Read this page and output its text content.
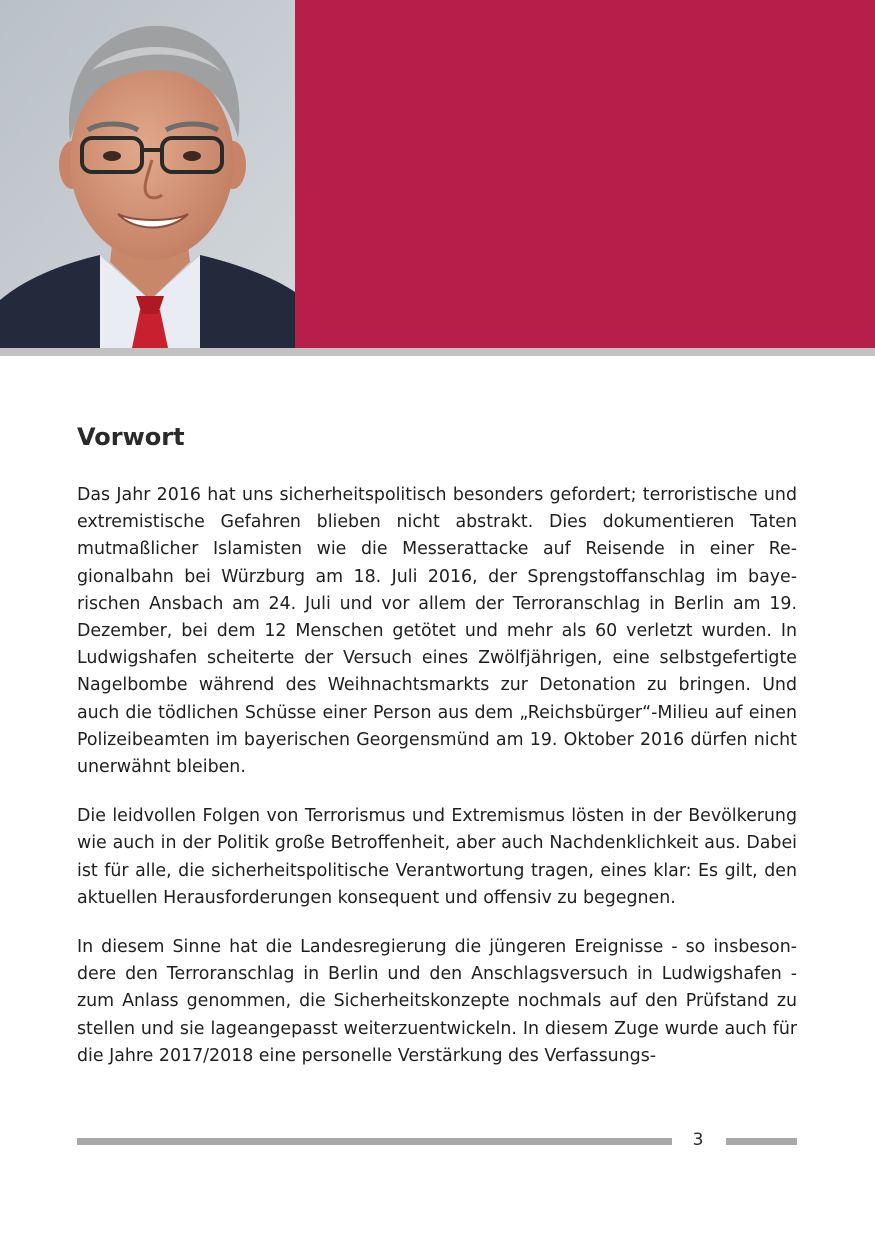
Vorwort

Das Jahr 2016 hat uns sicherheitspolitisch besonders gefordert; terroristische und extremistische Gefahren blieben nicht abstrakt. Dies dokumentieren Taten mutmaßlicher Islamisten wie die Messerattacke auf Reisende in einer Regionalbahn bei Würzburg am 18. Juli 2016, der Sprengstoffanschlag im bayerischen Ansbach am 24. Juli und vor allem der Terroranschlag in Berlin am 19. Dezember, bei dem 12 Menschen getötet und mehr als 60 verletzt wurden. In Ludwigshafen scheiterte der Versuch eines Zwölfjährigen, eine selbstgefertigte Nagelbombe während des Weihnachtsmarkts zur Detonation zu bringen. Und auch die tödlichen Schüsse einer Person aus dem „Reichsbürger“-Milieu auf einen Polizeibeamten im bayerischen Georgensmünd am 19. Oktober 2016 dürfen nicht unerwähnt bleiben.

Die leidvollen Folgen von Terrorismus und Extremismus lösten in der Bevölkerung wie auch in der Politik große Betroffenheit, aber auch Nachdenklichkeit aus. Dabei ist für alle, die sicherheitspolitische Verantwortung tragen, eines klar: Es gilt, den aktuellen Herausforderungen konsequent und offensiv zu begegnen.

In diesem Sinne hat die Landesregierung die jüngeren Ereignisse - so insbesondere den Terroranschlag in Berlin und den Anschlagsversuch in Ludwigshafen - zum Anlass genommen, die Sicherheitskonzepte nochmals auf den Prüfstand zu stellen und sie lageangepasst weiterzuentwickeln. In diesem Zuge wurde auch für die Jahre 2017/2018 eine personelle Verstärkung des Verfassungs-

3
